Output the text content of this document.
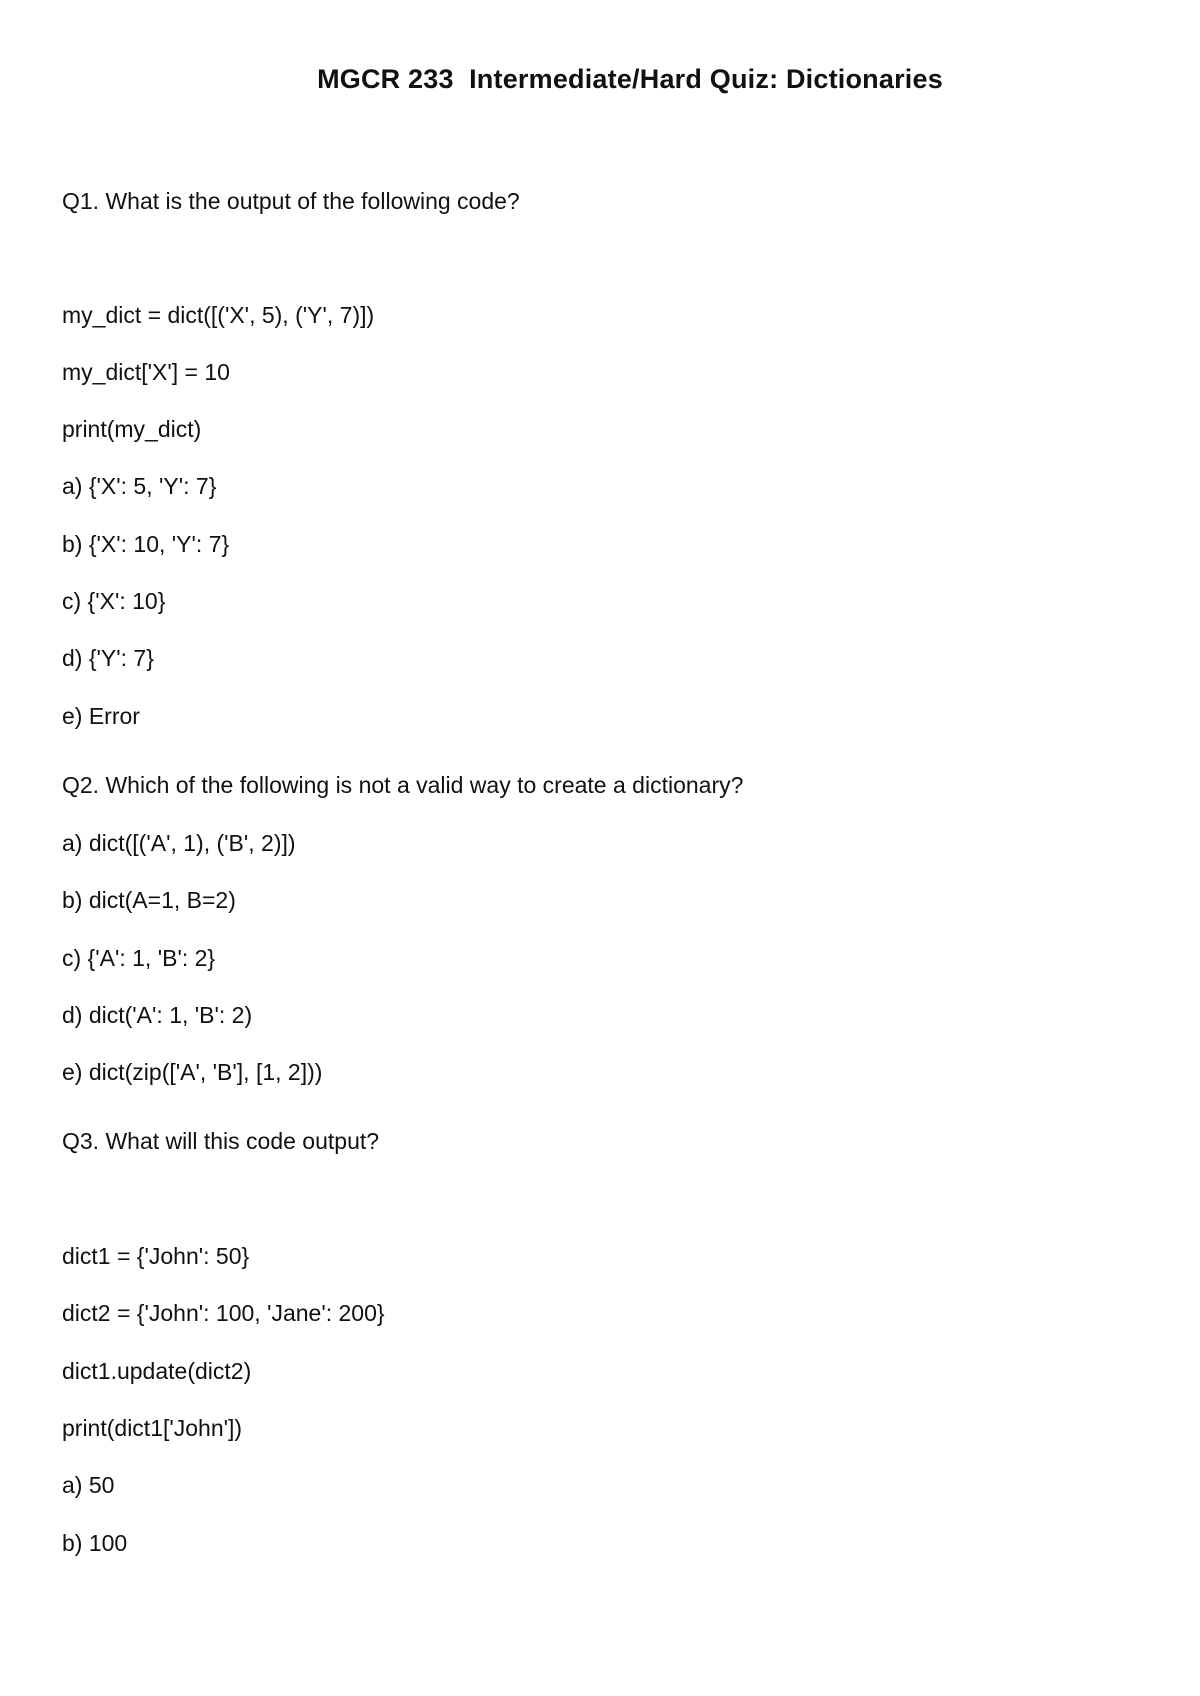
MGCR 233  Intermediate/Hard Quiz: Dictionaries
Q1. What is the output of the following code?
my_dict = dict([('X', 5), ('Y', 7)])
my_dict['X'] = 10
print(my_dict)
a) {'X': 5, 'Y': 7}
b) {'X': 10, 'Y': 7}
c) {'X': 10}
d) {'Y': 7}
e) Error
Q2. Which of the following is not a valid way to create a dictionary?
a) dict([('A', 1), ('B', 2)])
b) dict(A=1, B=2)
c) {'A': 1, 'B': 2}
d) dict('A': 1, 'B': 2)
e) dict(zip(['A', 'B'], [1, 2]))
Q3. What will this code output?
dict1 = {'John': 50}
dict2 = {'John': 100, 'Jane': 200}
dict1.update(dict2)
print(dict1['John'])
a) 50
b) 100
